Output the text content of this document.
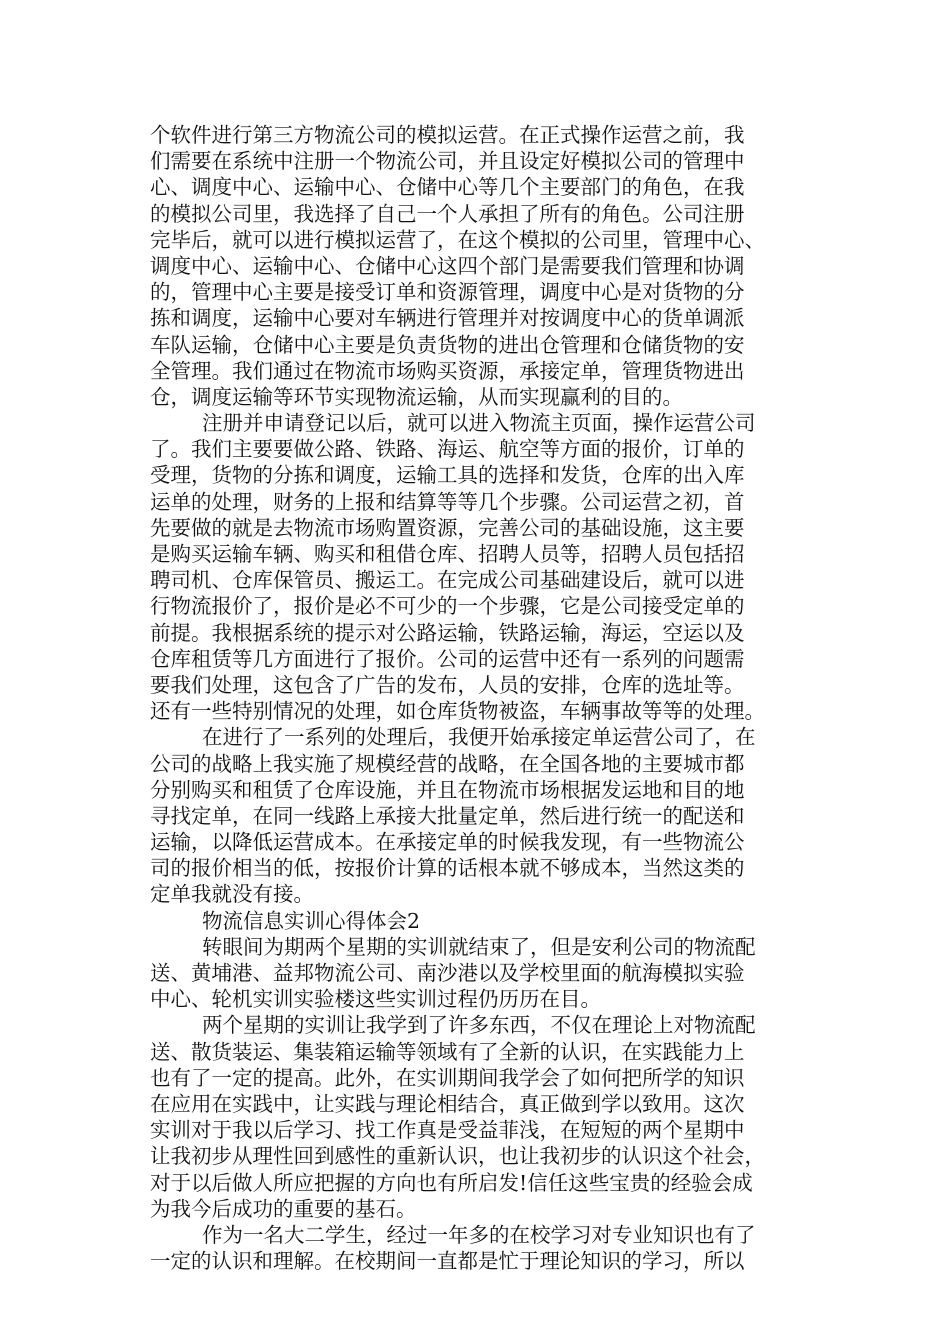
个软件进行第三方物流公司的模拟运营。在正式操作运营之前，我
们需要在系统中注册一个物流公司，并且设定好模拟公司的管理中
心、调度中心、运输中心、仓储中心等几个主要部门的角色，在我
的模拟公司里，我选择了自己一个人承担了所有的角色。公司注册
完毕后，就可以进行模拟运营了，在这个模拟的公司里，管理中心、
调度中心、运输中心、仓储中心这四个部门是需要我们管理和协调
的，管理中心主要是接受订单和资源管理，调度中心是对货物的分
拣和调度，运输中心要对车辆进行管理并对按调度中心的货单调派
车队运输，仓储中心主要是负责货物的进出仓管理和仓储货物的安
全管理。我们通过在物流市场购买资源，承接定单，管理货物进出
仓，调度运输等环节实现物流运输，从而实现赢利的目的。
注册并申请登记以后，就可以进入物流主页面，操作运营公司
了。我们主要要做公路、铁路、海运、航空等方面的报价，订单的
受理，货物的分拣和调度，运输工具的选择和发货，仓库的出入库
运单的处理，财务的上报和结算等等几个步骤。公司运营之初，首
先要做的就是去物流市场购置资源，完善公司的基础设施，这主要
是购买运输车辆、购买和租借仓库、招聘人员等，招聘人员包括招
聘司机、仓库保管员、搬运工。在完成公司基础建设后，就可以进
行物流报价了，报价是必不可少的一个步骤，它是公司接受定单的
前提。我根据系统的提示对公路运输，铁路运输，海运，空运以及
仓库租赁等几方面进行了报价。公司的运营中还有一系列的问题需
要我们处理，这包含了广告的发布，人员的安排，仓库的选址等。
还有一些特别情况的处理，如仓库货物被盗，车辆事故等等的处理。
在进行了一系列的处理后，我便开始承接定单运营公司了，在
公司的战略上我实施了规模经营的战略，在全国各地的主要城市都
分别购买和租赁了仓库设施，并且在物流市场根据发运地和目的地
寻找定单，在同一线路上承接大批量定单，然后进行统一的配送和
运输，以降低运营成本。在承接定单的时候我发现，有一些物流公
司的报价相当的低，按报价计算的话根本就不够成本，当然这类的
定单我就没有接。
物流信息实训心得体会2
转眼间为期两个星期的实训就结束了，但是安利公司的物流配
送、黄埔港、益邦物流公司、南沙港以及学校里面的航海模拟实验
中心、轮机实训实验楼这些实训过程仍历历在目。
两个星期的实训让我学到了许多东西，不仅在理论上对物流配
送、散货装运、集装箱运输等领域有了全新的认识，在实践能力上
也有了一定的提高。此外，在实训期间我学会了如何把所学的知识
在应用在实践中，让实践与理论相结合，真正做到学以致用。这次
实训对于我以后学习、找工作真是受益菲浅，在短短的两个星期中
让我初步从理性回到感性的重新认识，也让我初步的认识这个社会，
对于以后做人所应把握的方向也有所启发!信任这些宝贵的经验会成
为我今后成功的重要的基石。
作为一名大二学生，经过一年多的在校学习对专业知识也有了
一定的认识和理解。在校期间一直都是忙于理论知识的学习，所以
